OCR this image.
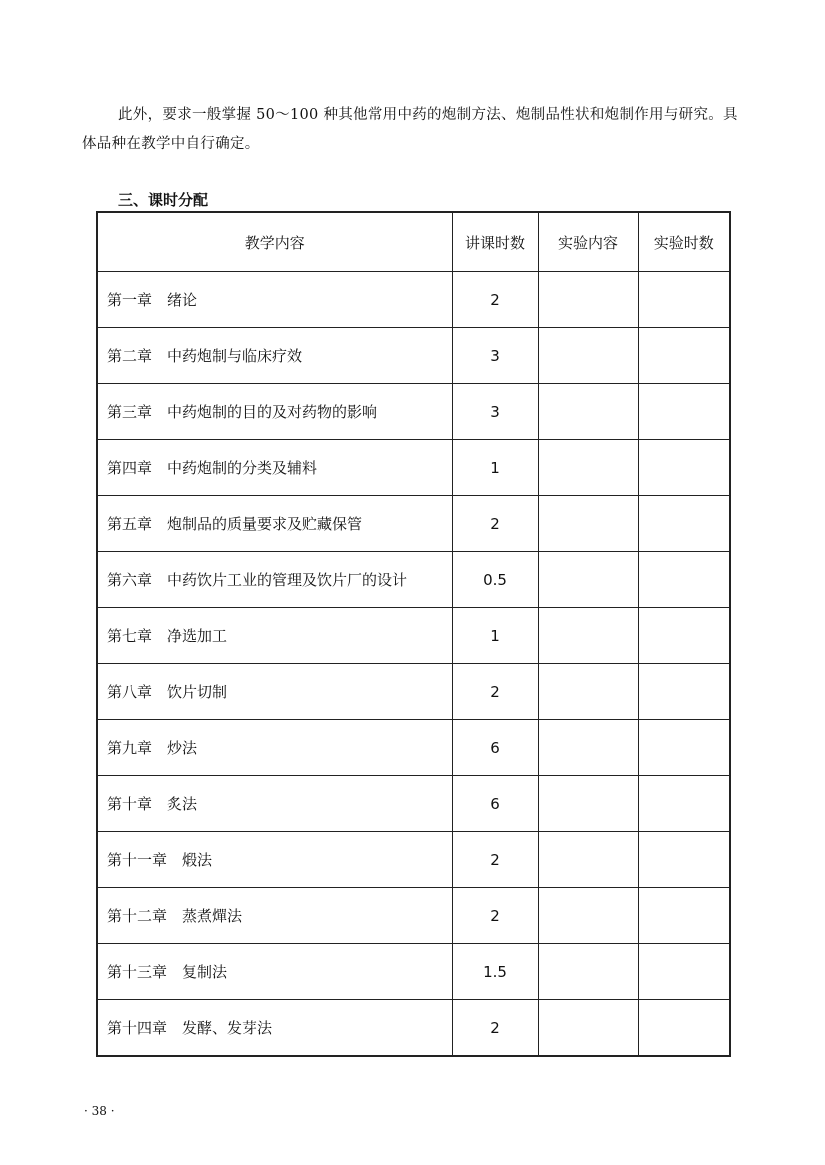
此外，要求一般掌握 50～100 种其他常用中药的炮制方法、炮制品性状和炮制作用与研究。具体品种在教学中自行确定。

三、课时分配
教学内容	讲课时数	实验内容	实验时数
第一章　绪论	2		
第二章　中药炮制与临床疗效	3		
第三章　中药炮制的目的及对药物的影响	3		
第四章　中药炮制的分类及辅料	1		
第五章　炮制品的质量要求及贮藏保管	2		
第六章　中药饮片工业的管理及饮片厂的设计	0.5		
第七章　净选加工	1		
第八章　饮片切制	2		
第九章　炒法	6		
第十章　炙法	6		
第十一章　煅法	2		
第十二章　蒸煮燀法	2		
第十三章　复制法	1.5		
第十四章　发酵、发芽法	2		
· 38 ·
